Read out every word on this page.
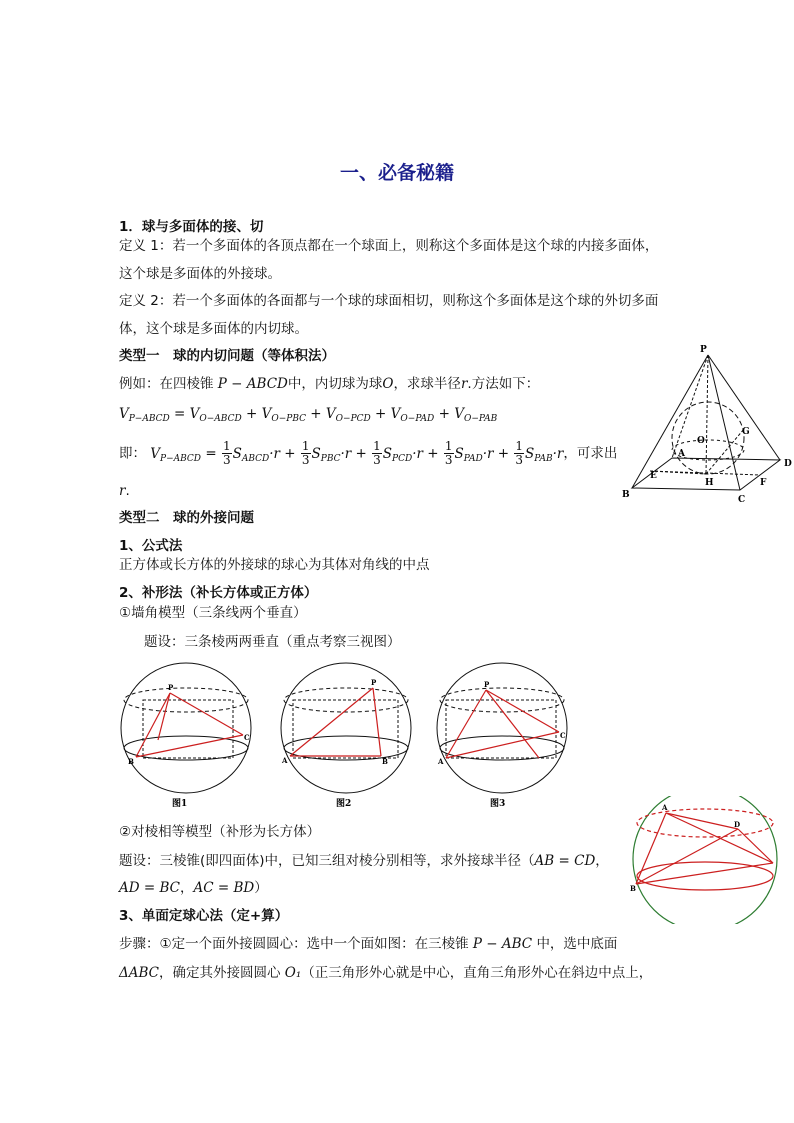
一、必备秘籍
1．球与多面体的接、切
定义 1：若一个多面体的各顶点都在一个球面上，则称这个多面体是这个球的内接多面体，
这个球是多面体的外接球。
定义 2：若一个多面体的各面都与一个球的球面相切，则称这个多面体是这个球的外切多面
体，这个球是多面体的内切球。
类型一　球的内切问题（等体积法）
例如：在四棱锥 P − ABCD中，内切球为球O，求球半径r.方法如下：
$V_{P-ABCD} = V_{O-ABCD} + V_{O-PBC} + V_{O-PCD} + V_{O-PAD} + V_{O-PAB}$
即： $V_{P-ABCD} = \frac{1}{3} S_{ABCD}\cdot r + \frac{1}{3} S_{PBC}\cdot r + \frac{1}{3} S_{PCD}\cdot r + \frac{1}{3} S_{PAD}\cdot r + \frac{1}{3} S_{PAB}\cdot r$，可求出
r.
类型二　球的外接问题
1、公式法
正方体或长方体的外接球的球心为其体对角线的中点
2、补形法（补长方体或正方体）
①墙角模型（三条线两个垂直）
题设：三条棱两两垂直（重点考察三视图）
②对棱相等模型（补形为长方体）
题设：三棱锥(即四面体)中，已知三组对棱分别相等，求外接球半径（AB = CD，
AD = BC，AC = BD）
3、单面定球心法（定+算）
步骤：①定一个面外接圆圆心：选中一个面如图：在三棱锥 P − ABC 中，选中底面
ΔABC，确定其外接圆圆心 O₁（正三角形外心就是中心，直角三角形外心在斜边中点上，
P
B	C
D
A
E
F
G
H
O
P
B
C
图1
P
A	B
图2
P
A
C
图3	A
B
D
